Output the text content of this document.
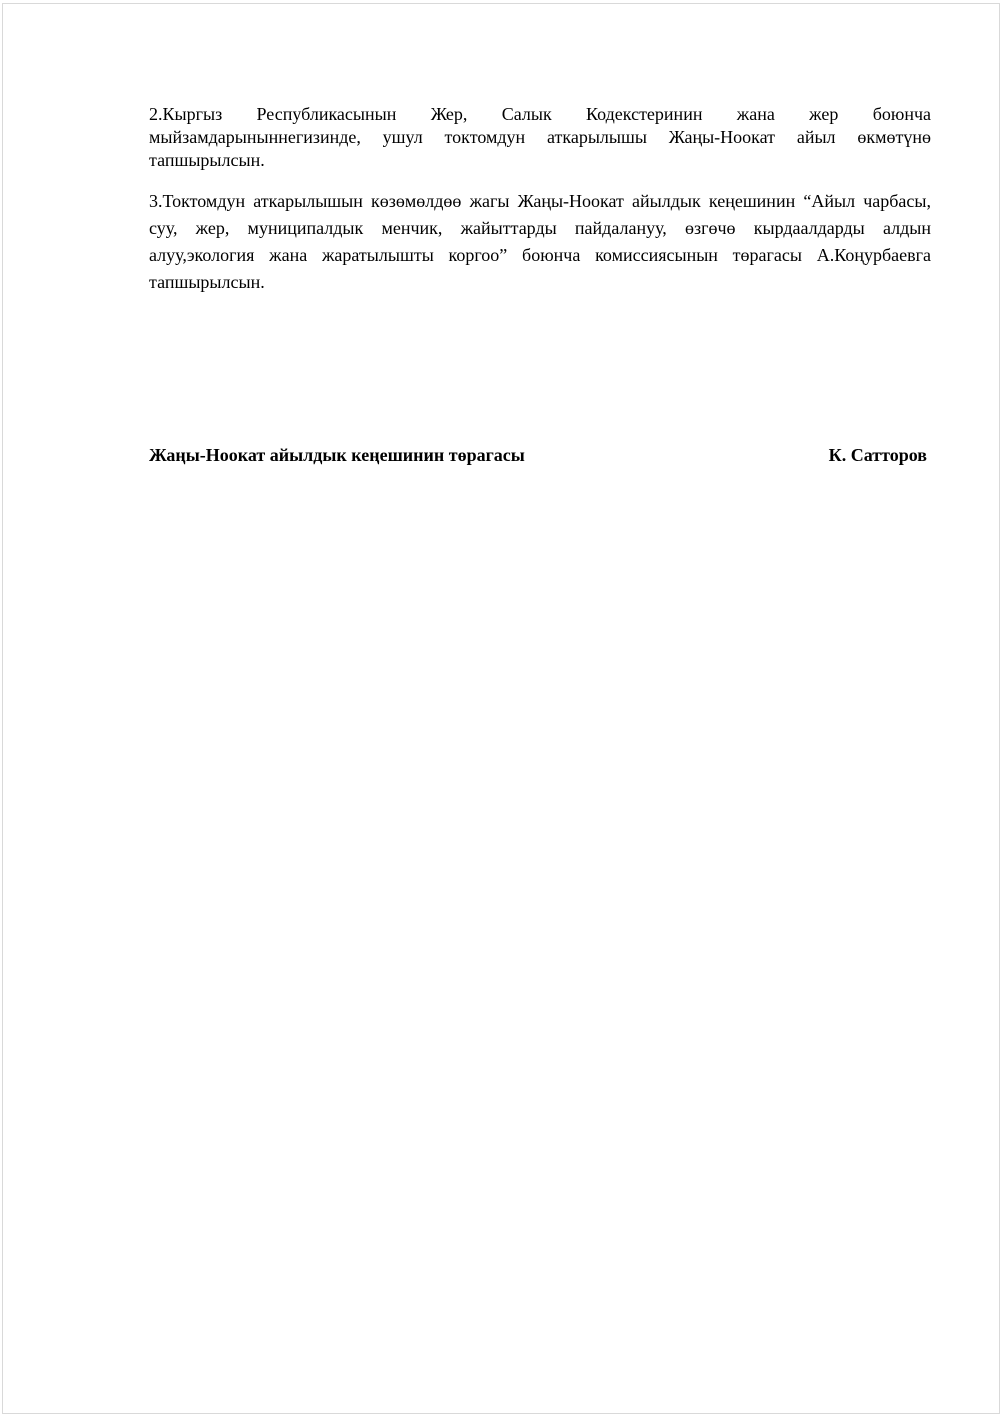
2.Кыргыз Республикасынын Жер, Салык Кодекстеринин жана жер боюнча мыйзамдарыныннегизинде, ушул токтомдун аткарылышы Жаңы-Ноокат айыл өкмөтүнө тапшырылсын.

3.Токтомдун аткарылышын көзөмөлдөө жагы Жаңы-Ноокат айылдык кеңешинин “Айыл чарбасы, суу, жер, муниципалдык менчик, жайыттарды пайдалануу, өзгөчө кырдаалдарды алдын алуу,экология жана жаратылышты коргоо” боюнча комиссиясынын төрагасы А.Коңурбаевга тапшырылсын.

Жаңы-Ноокат айылдык кеңешинин төрагасы	К. Сатторов
